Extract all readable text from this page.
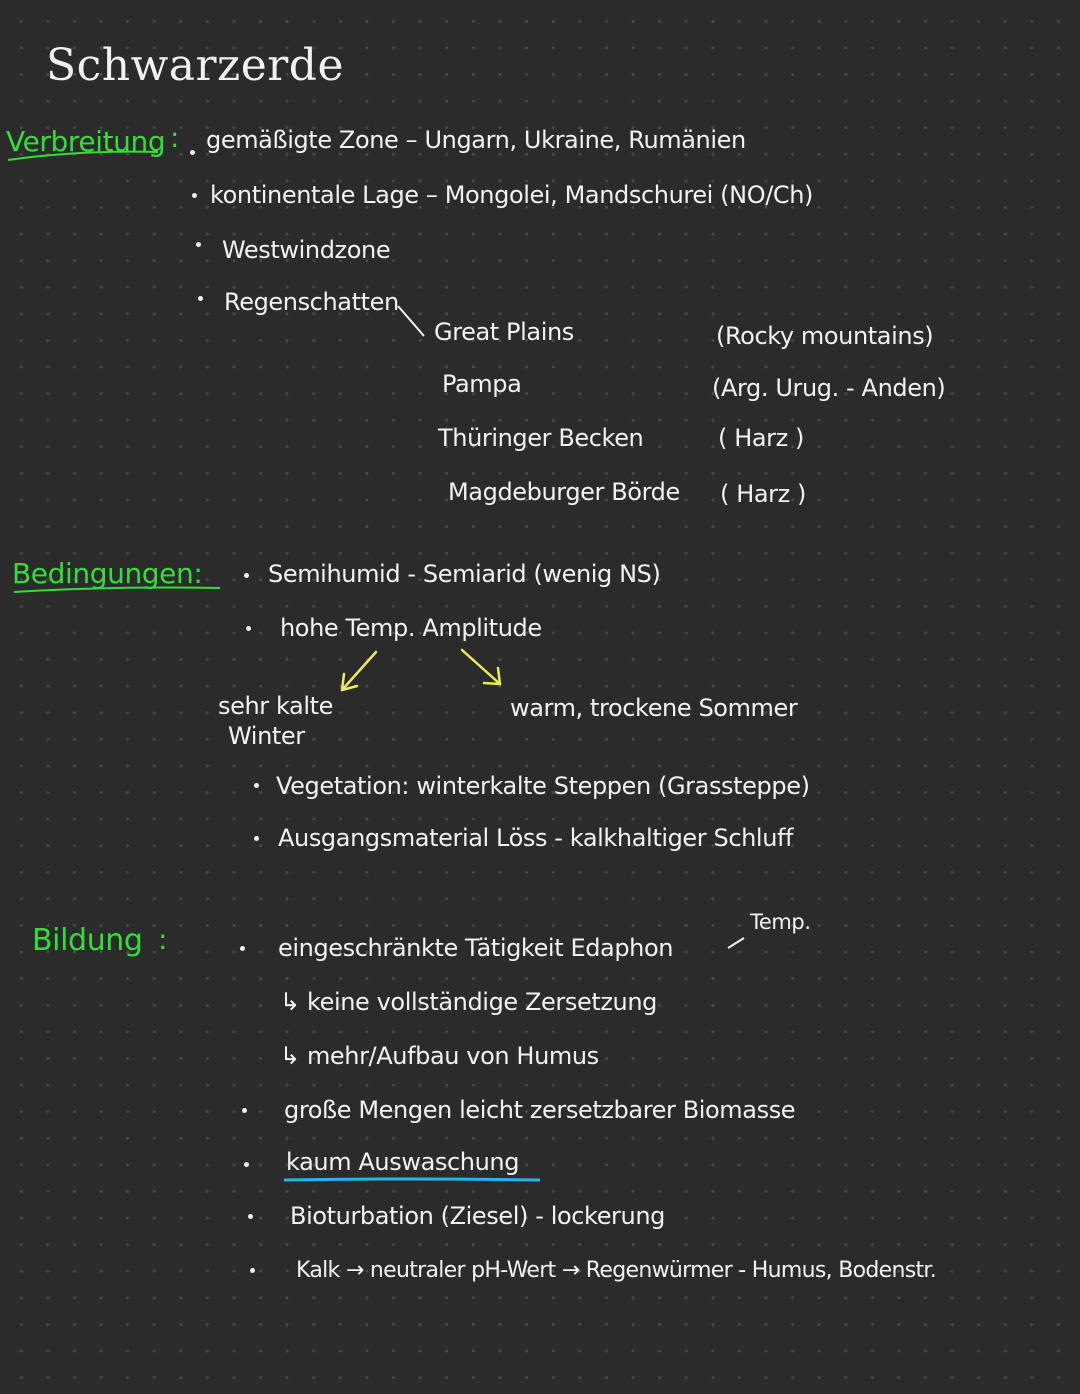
Schwarzerde
Verbreitung : gemäßigte Zone – Ungarn, Ukraine, Rumänien
kontinentale Lage – Mongolei, Mandschurei (NO/Ch)
Westwindzone
Regenschatten
Great Plains	(Rocky mountains)
Pampa	(Arg. Urug. - Anden)
Thüringer Becken	( Harz )
Magdeburger Börde ( Harz )
Bedingungen:	Semihumid - Semiarid (wenig NS)
hohe Temp. Amplitude
sehr kalte
Winter
warm, trockene Sommer
Vegetation: winterkalte Steppen (Grassteppe)
Ausgangsmaterial Löss - kalkhaltiger Schluff
Bildung :
Temp.
eingeschränkte Tätigkeit Edaphon
↳ keine vollständige Zersetzung
↳ mehr/Aufbau von Humus
große Mengen leicht zersetzbarer Biomasse
kaum Auswaschung
Bioturbation (Ziesel) - lockerung
Kalk → neutraler pH-Wert → Regenwürmer - Humus, Bodenstr.
